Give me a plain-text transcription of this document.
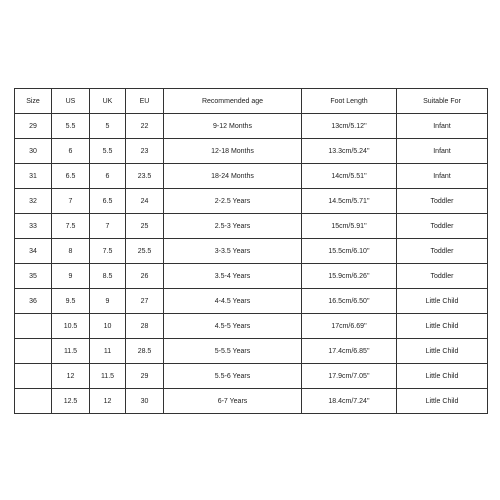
Size	US	UK	EU	Recommended age	Foot Length	Suitable For
29	5.5	5	22	9-12 Months	13cm/5.12''	Infant
30	6	5.5	23	12-18 Months	13.3cm/5.24''	Infant
31	6.5	6	23.5	18-24 Months	14cm/5.51''	Infant
32	7	6.5	24	2-2.5 Years	14.5cm/5.71''	Toddler
33	7.5	7	25	2.5-3 Years	15cm/5.91''	Toddler
34	8	7.5	25.5	3-3.5 Years	15.5cm/6.10''	Toddler
35	9	8.5	26	3.5-4 Years	15.9cm/6.26''	Toddler
36	9.5	9	27	4-4.5 Years	16.5cm/6.50''	Little Child
	10.5	10	28	4.5-5 Years	17cm/6.69''	Little Child
	11.5	11	28.5	5-5.5 Years	17.4cm/6.85''	Little Child
	12	11.5	29	5.5-6 Years	17.9cm/7.05''	Little Child
	12.5	12	30	6-7 Years	18.4cm/7.24''	Little Child
